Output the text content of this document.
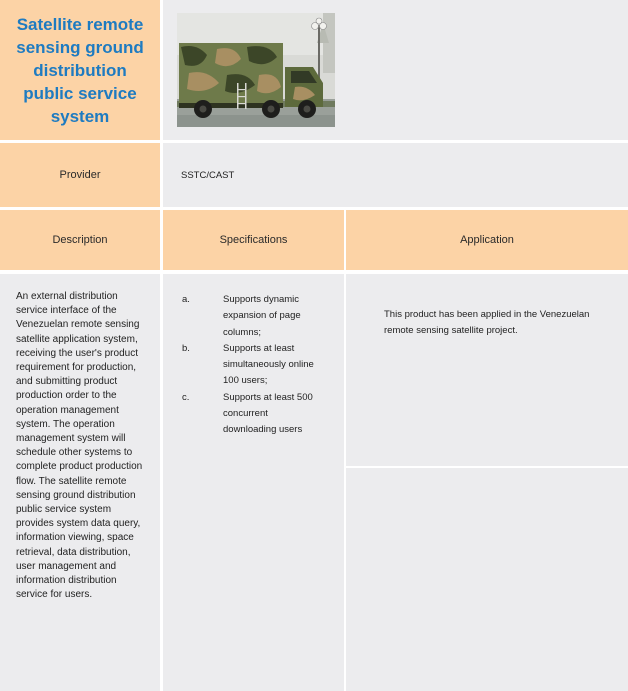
Satellite remote sensing ground distribution public service system
Provider	SSTC/CAST
Description	Specifications	Application

An external distribution service interface of the Venezuelan remote sensing satellite application system, receiving the user's product requirement for production, and submitting product production order to the operation management system. The operation management system will schedule other systems to complete product production flow. The satellite remote sensing ground distribution public service system provides system data query, information viewing, space retrieval, data distribution, user management and information distribution service for users.

a.	Supports dynamic expansion of page columns;
b.	Supports at least simultaneously online 100 users;
c.	Supports at least 500 concurrent downloading users

This product has been applied in the Venezuelan remote sensing satellite project.
